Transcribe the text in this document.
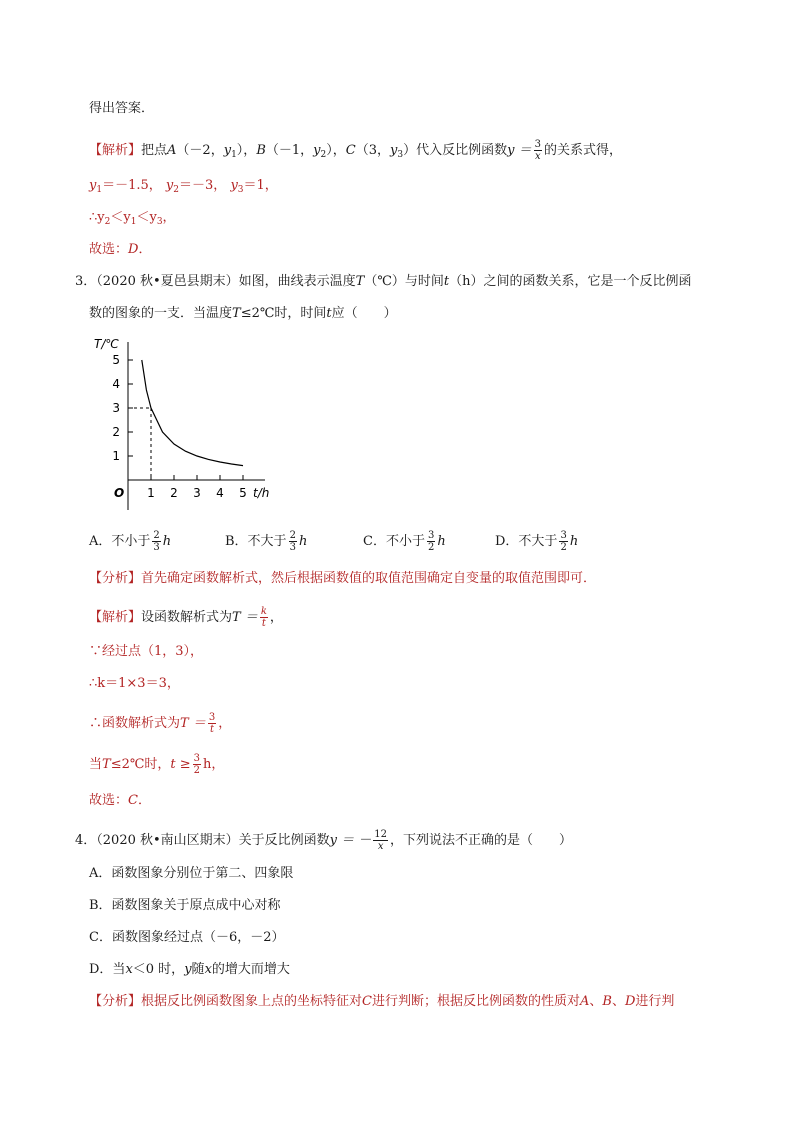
得出答案．
【解析】把点A（－2，$y_1$），B（－1，$y_2$），C（3，$y_3$）代入反比例函数$y = \frac{3}{x}$ 的关系式得，
$y_1=-1.5$， $y_2=-3$， $y_3=1$，
$\therefore y_2<y_1<y_3$，
故选：D．
3．（2020 秋•夏邑县期末）如图，曲线表示温度T（℃）与时间t（h）之间的函数关系，它是一个反比例函
数的图象的一支．当温度T≤2℃时，时间t应（　　）
1
2
3
4
5
1 2 3 4 5
O
T/℃
t/h
A．不小于 $\frac{2}{3}$ h	B．不大于 $\frac{2}{3}$ h	C．不小于 $\frac{3}{2}$ h	D．不大于 $\frac{3}{2}$ h
【分析】首先确定函数解析式，然后根据函数值的取值范围确定自变量的取值范围即可．
【解析】设函数解析式为$T = \frac{k}{t}$ ，
∵经过点（1，3），
∴k＝1×3＝3，
∴函数解析式为$T = \frac{3}{t}$ ，
当T≤2℃时，$t \ge \frac{3}{2}$ h，
故选：C．
4．（2020 秋•南山区期末）关于反比例函数y ＝ － $\frac{12}{x}$ ，下列说法不正确的是（　　）
A．函数图象分别位于第二、四象限
B．函数图象关于原点成中心对称
C．函数图象经过点（－6，－2）
D．当x＜0 时，y随x的增大而增大
【分析】根据反比例函数图象上点的坐标特征对C进行判断；根据反比例函数的性质对A、B、D进行判
